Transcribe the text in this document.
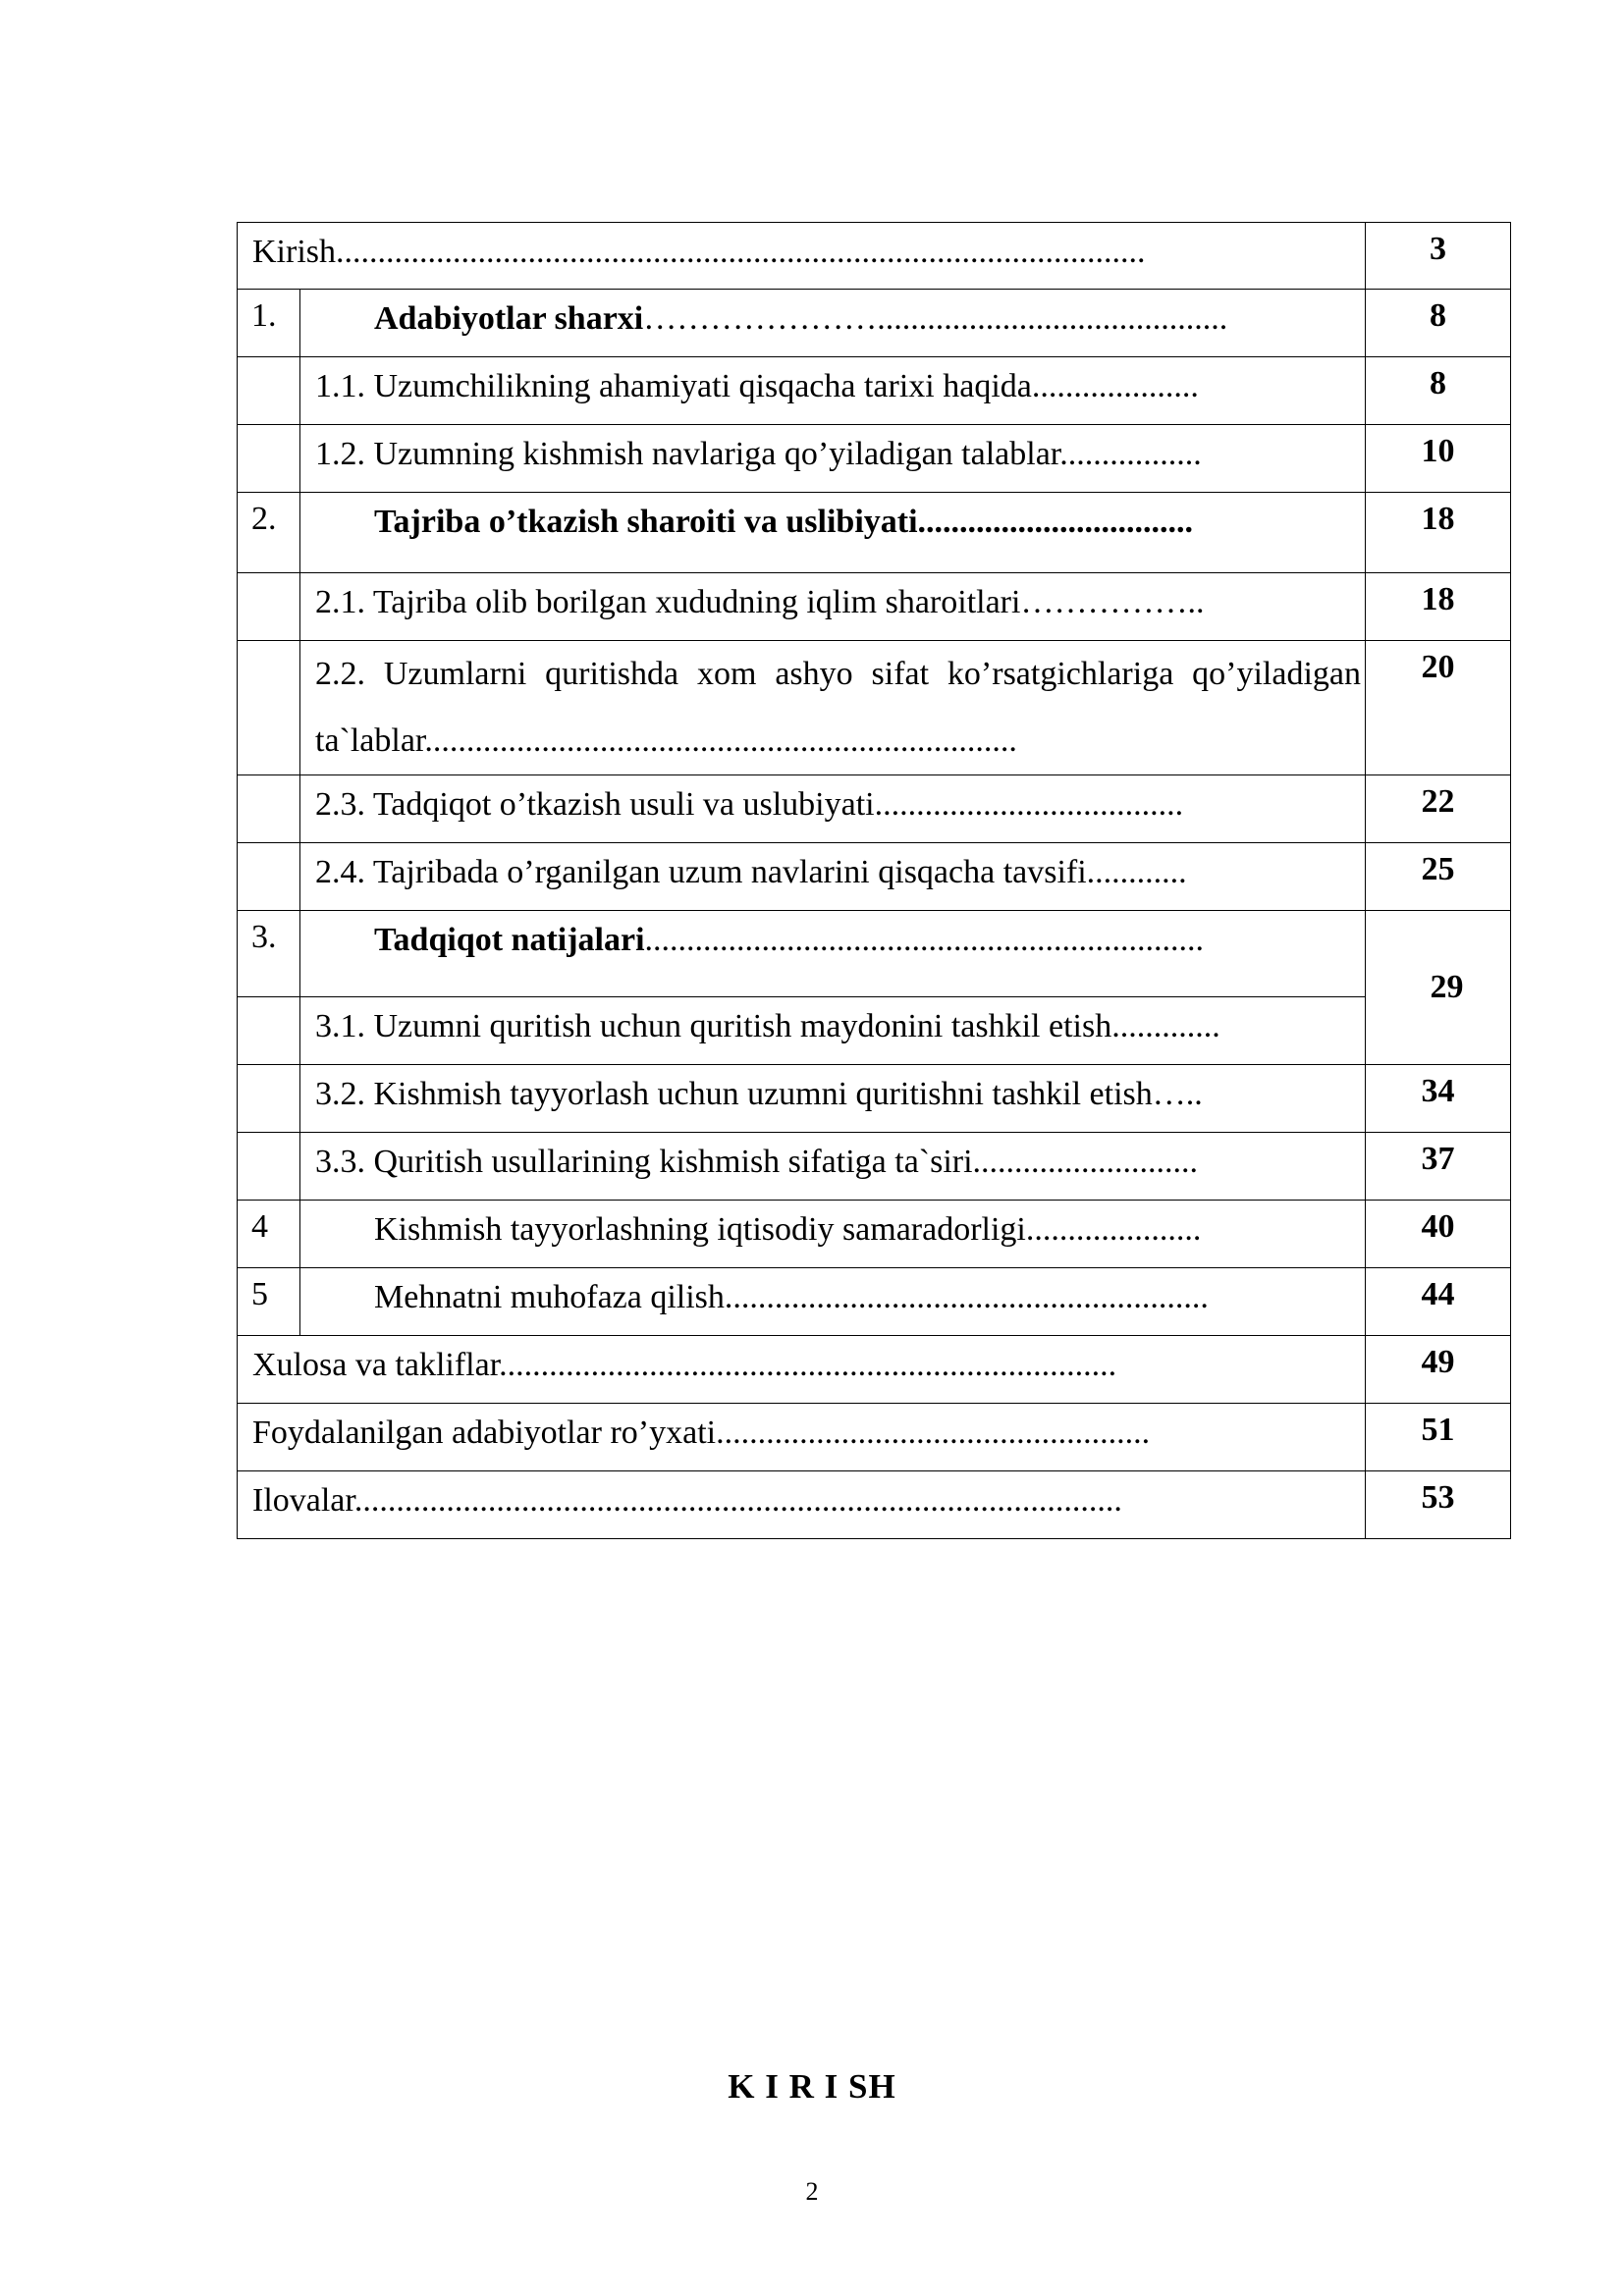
Kirish.................................................................................................		3
1.	Adabiyotlar sharxi…………………..........................................	8
	1.1. Uzumchilikning ahamiyati qisqacha tarixi haqida....................	8
	1.2. Uzumning kishmish navlariga qo’yiladigan talablar.................	10
2.	Tajriba o’tkazish sharoiti va uslibiyati.................................	18
	2.1. Tajriba olib borilgan xududning iqlim sharoitlari……………..	18
	2.2. Uzumlarni quritishda xom ashyo sifat ko’rsatgichlariga qo’yiladigan ta`lablar.......................................................................	20
	2.3. Tadqiqot o’tkazish usuli va uslubiyati.....................................	22
	2.4. Tajribada o’rganilgan uzum navlarini qisqacha tavsifi............	25
3.	Tadqiqot natijalari...................................................................	29
	3.1. Uzumni quritish uchun quritish maydonini tashkil etish.............	
	3.2. Kishmish tayyorlash uchun uzumni quritishni tashkil etish…..	34
	3.3. Quritish usullarining kishmish sifatiga ta`siri...........................	37
4	Kishmish tayyorlashning iqtisodiy samaradorligi.....................	40
5	Mehnatni muhofaza qilish..........................................................	44
Xulosa va takliflar..........................................................................		49
Foydalanilgan adabiyotlar ro’yxati....................................................		51
Ilovalar............................................................................................		53
K I R I SH
2
